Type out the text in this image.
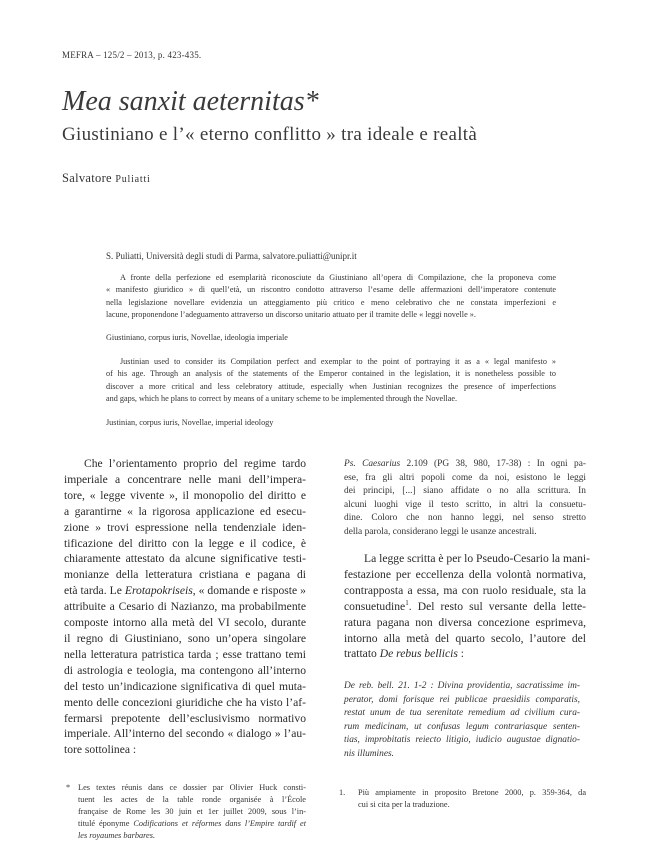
MEFRA – 125/2 – 2013, p. 423-435.
Mea sanxit aeternitas*
Giustiniano e l’« eterno conflitto » tra ideale e realtà
Salvatore Puliatti
S. Puliatti, Università degli studi di Parma, salvatore.puliatti@unipr.it
A fronte della perfezione ed esemplarità riconosciute da Giustiniano all’opera di Compilazione, che la proponeva come
« manifesto giuridico » di quell’età, un riscontro condotto attraverso l’esame delle affermazioni dell’imperatore contenute
nella legislazione novellare evidenzia un atteggiamento più critico e meno celebrativo che ne constata imperfezioni e
lacune, proponendone l’adeguamento attraverso un discorso unitario attuato per il tramite delle « leggi novelle ».
Giustiniano, corpus iuris, Novellae, ideologia imperiale
Justinian used to consider its Compilation perfect and exemplar to the point of portraying it as a « legal manifesto »
of his age. Through an analysis of the statements of the Emperor contained in the legislation, it is nonetheless possible to
discover a more critical and less celebratory attitude, especially when Justinian recognizes the presence of imperfections
and gaps, which he plans to correct by means of a unitary scheme to be implemented through the Novellae.
Justinian, corpus iuris, Novellae, imperial ideology
Che l’orientamento proprio del regime tardo
imperiale a concentrare nelle mani dell’impera-
tore, « legge vivente », il monopolio del diritto e
a garantirne « la rigorosa applicazione ed esecu-
zione » trovi espressione nella tendenziale iden-
tificazione del diritto con la legge e il codice, è
chiaramente attestato da alcune significative testi-
monianze della letteratura cristiana e pagana di
età tarda. Le Erotapokriseis, « domande e risposte »
attribuite a Cesario di Nazianzo, ma probabilmente
composte intorno alla metà del VI secolo, durante
il regno di Giustiniano, sono un’opera singolare
nella letteratura patristica tarda ; esse trattano temi
di astrologia e teologia, ma contengono all’interno
del testo un’indicazione significativa di quel muta-
mento delle concezioni giuridiche che ha visto l’af-
fermarsi prepotente dell’esclusivismo normativo
imperiale. All’interno del secondo « dialogo » l’au-
tore sottolinea :
Ps. Caesarius 2.109 (PG 38, 980, 17-38) : In ogni pa-
ese, fra gli altri popoli come da noi, esistono le leggi
dei principi, [...] siano affidate o no alla scrittura. In
alcuni luoghi vige il testo scritto, in altri la consuetu-
dine. Coloro che non hanno leggi, nel senso stretto
della parola, considerano leggi le usanze ancestrali.
La legge scritta è per lo Pseudo-Cesario la mani-
festazione per eccellenza della volontà normativa,
contrapposta a essa, ma con ruolo residuale, sta la
consuetudine$^1$. Del resto sul versante della lette-
ratura pagana non diversa concezione esprimeva,
intorno alla metà del quarto secolo, l’autore del
trattato De rebus bellicis :
De reb. bell. 21. 1-2 : Divina providentia, sacratissime im-
perator, domi forisque rei publicae praesidiis comparatis,
restat unum de tua serenitate remedium ad civilium cura-
rum medicinam, ut confusas legum contrariasque senten-
tias, improbitatis reiecto litigio, iudicio augustae dignatio-
nis illumines.
* Les textes réunis dans ce dossier par Olivier Huck consti-
tuent les actes de la table ronde organisée à l’École
française de Rome les 30 juin et 1er juillet 2009, sous l’in-
titulé éponyme Codifications et réformes dans l’Empire tardif et
les royaumes barbares.
1. Più ampiamente in proposito Bretone 2000, p. 359-364, da
cui si cita per la traduzione.
